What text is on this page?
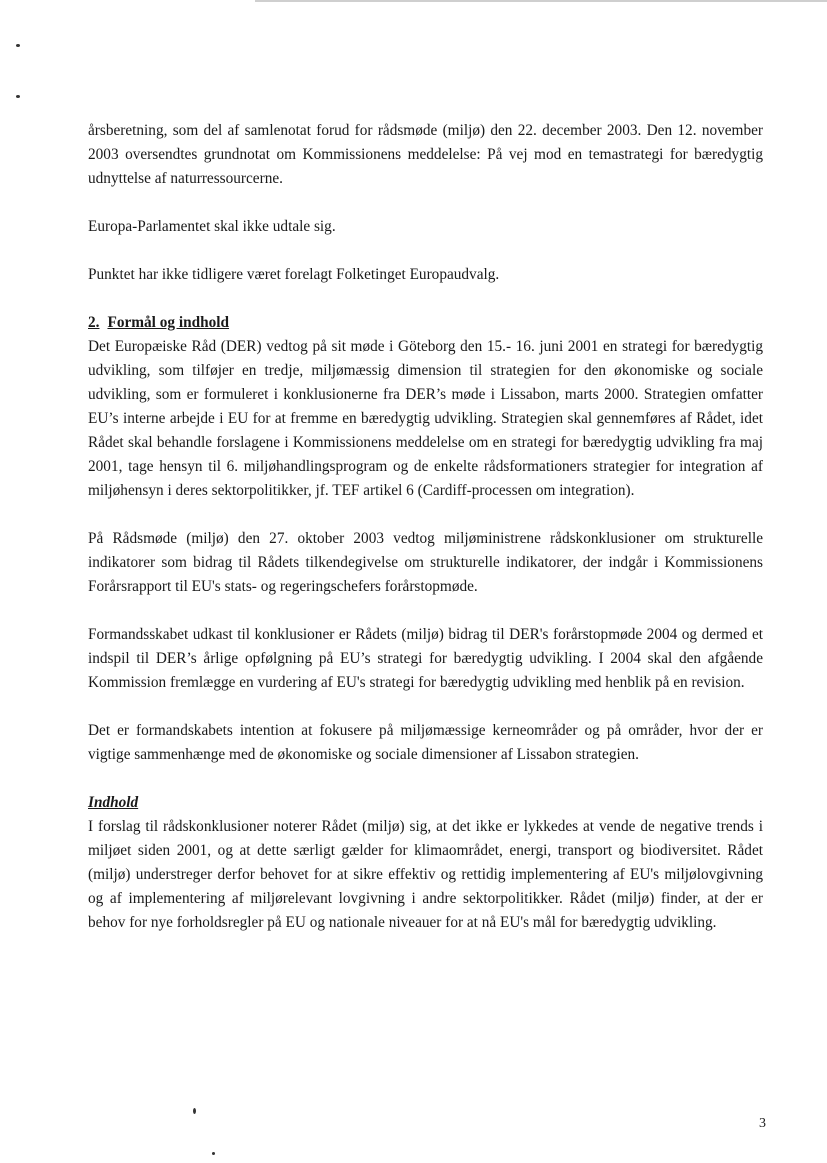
årsberetning, som del af samlenotat forud for rådsmøde (miljø) den 22. december 2003. Den 12. november 2003 oversendtes grundnotat om Kommissionens meddelelse: På vej mod en temastrategi for bæredygtig udnyttelse af naturressourcerne.

Europa-Parlamentet skal ikke udtale sig.

Punktet har ikke tidligere været forelagt Folketinget Europaudvalg.

2. Formål og indhold

Det Europæiske Råd (DER) vedtog på sit møde i Göteborg den 15.- 16. juni 2001 en strategi for bæredygtig udvikling, som tilføjer en tredje, miljømæssig dimension til strategien for den økonomiske og sociale udvikling, som er formuleret i konklusionerne fra DER’s møde i Lissabon, marts 2000. Strategien omfatter EU’s interne arbejde i EU for at fremme en bæredygtig udvikling. Strategien skal gennemføres af Rådet, idet Rådet skal behandle forslagene i Kommissionens meddelelse om en strategi for bæredygtig udvikling fra maj 2001, tage hensyn til 6. miljøhandlingsprogram og de enkelte rådsformationers strategier for integration af miljøhensyn i deres sektorpolitikker, jf. TEF artikel 6 (Cardiff-processen om integration).

På Rådsmøde (miljø) den 27. oktober 2003 vedtog miljøministrene rådskonklusioner om strukturelle indikatorer som bidrag til Rådets tilkendegivelse om strukturelle indikatorer, der indgår i Kommissionens Forårsrapport til EU's stats- og regeringschefers forårstopmøde.

Formandsskabet udkast til konklusioner er Rådets (miljø) bidrag til DER's forårstopmøde 2004 og dermed et indspil til DER’s årlige opfølgning på EU’s strategi for bæredygtig udvikling. I 2004 skal den afgående Kommission fremlægge en vurdering af EU's strategi for bæredygtig udvikling med henblik på en revision.

Det er formandskabets intention at fokusere på miljømæssige kerneområder og på områder, hvor der er vigtige sammenhænge med de økonomiske og sociale dimensioner af Lissabon strategien.

Indhold

I forslag til rådskonklusioner noterer Rådet (miljø) sig, at det ikke er lykkedes at vende de negative trends i miljøet siden 2001, og at dette særligt gælder for klimaområdet, energi, transport og biodiversitet. Rådet (miljø) understreger derfor behovet for at sikre effektiv og rettidig implementering af EU's miljølovgivning og af implementering af miljørelevant lovgivning i andre sektorpolitikker. Rådet (miljø) finder, at der er behov for nye forholdsregler på EU og nationale niveauer for at nå EU's mål for bæredygtig udvikling.

3
